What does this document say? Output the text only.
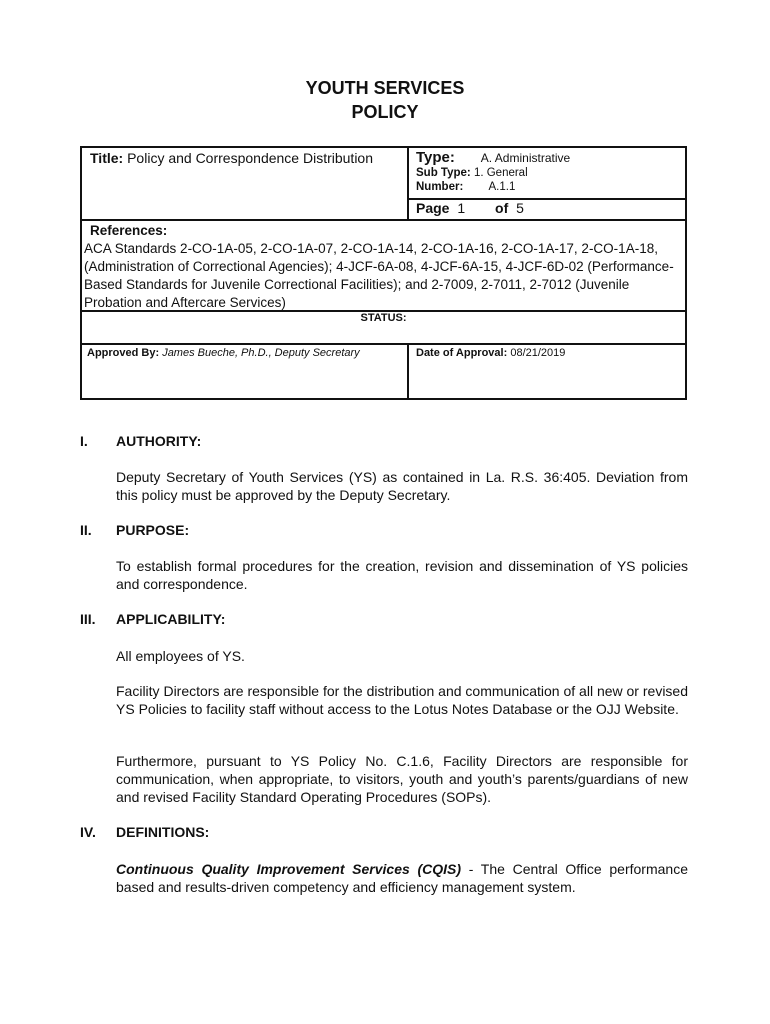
YOUTH SERVICES
POLICY
Title: Policy and Correspondence Distribution	Type: A. Administrative
Sub Type: 1. General
Number: A.1.1
Page 1 of 5
References:
ACA Standards 2-CO-1A-05, 2-CO-1A-07, 2-CO-1A-14, 2-CO-1A-16, 2-CO-1A-17, 2-CO-1A-18, (Administration of Correctional Agencies); 4-JCF-6A-08, 4-JCF-6A-15, 4-JCF-6D-02 (Performance-Based Standards for Juvenile Correctional Facilities); and 2-7009, 2-7011, 2-7012 (Juvenile Probation and Aftercare Services)
STATUS:
Approved By: James Bueche, Ph.D., Deputy Secretary	Date of Approval: 08/21/2019
I. AUTHORITY:
Deputy Secretary of Youth Services (YS) as contained in La. R.S. 36:405. Deviation from this policy must be approved by the Deputy Secretary.
II. PURPOSE:
To establish formal procedures for the creation, revision and dissemination of YS policies and correspondence.
III. APPLICABILITY:
All employees of YS.
Facility Directors are responsible for the distribution and communication of all new or revised YS Policies to facility staff without access to the Lotus Notes Database or the OJJ Website.
Furthermore, pursuant to YS Policy No. C.1.6, Facility Directors are responsible for communication, when appropriate, to visitors, youth and youth’s parents/guardians of new and revised Facility Standard Operating Procedures (SOPs).
IV. DEFINITIONS:
Continuous Quality Improvement Services (CQIS) - The Central Office performance based and results-driven competency and efficiency management system.
